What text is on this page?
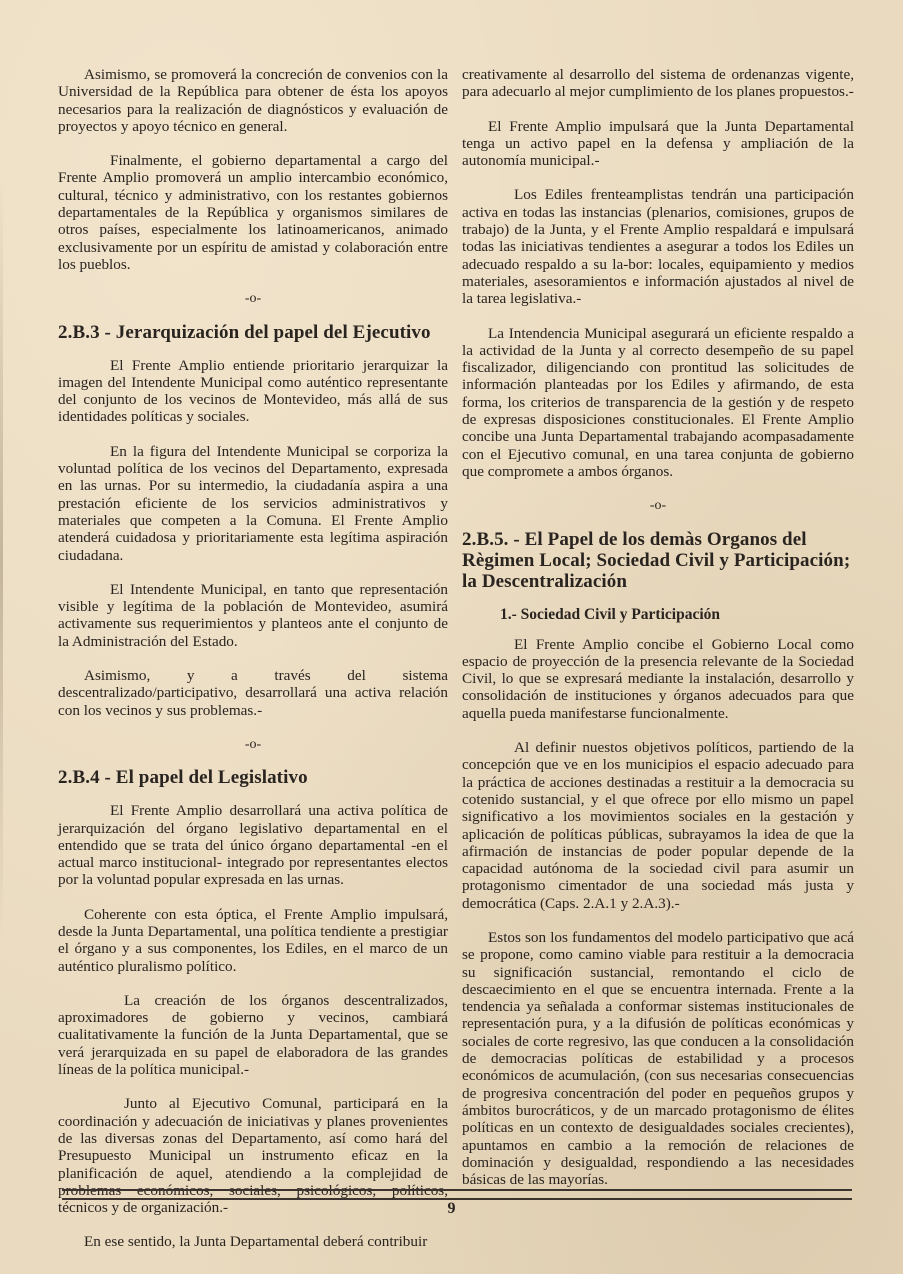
Asimismo, se promoverá la concreción de convenios con la Universidad de la República para obtener de ésta los apoyos necesarios para la realización de diagnósticos y evaluación de proyectos y apoyo técnico en general.

Finalmente, el gobierno departamental a cargo del Frente Amplio promoverá un amplio intercambio económico, cultural, técnico y administrativo, con los restantes gobiernos departamentales de la República y organismos similares de otros países, especialmente los latinoamericanos, animado exclusivamente por un espíritu de amistad y colaboración entre los pueblos.

-o-
2.B.3 - Jerarquización del papel del Ejecutivo

El Frente Amplio entiende prioritario jerarquizar la imagen del Intendente Municipal como auténtico representante del conjunto de los vecinos de Montevideo, más allá de sus identidades políticas y sociales.

En la figura del Intendente Municipal se corporiza la voluntad política de los vecinos del Departamento, expresada en las urnas. Por su intermedio, la ciudadanía aspira a una prestación eficiente de los servicios administrativos y materiales que competen a la Comuna. El Frente Amplio atenderá cuidadosa y prioritariamente esta legítima aspiración ciudadana.

El Intendente Municipal, en tanto que representación visible y legítima de la población de Montevideo, asumirá activamente sus requerimientos y planteos ante el conjunto de la Administración del Estado.

Asimismo, y a través del sistema descentralizado/participativo, desarrollará una activa relación con los vecinos y sus problemas.-

-o-
2.B.4 - El papel del Legislativo

El Frente Amplio desarrollará una activa política de jerarquización del órgano legislativo departamental en el entendido que se trata del único órgano departamental -en el actual marco institucional- integrado por representantes electos por la voluntad popular expresada en las urnas.

Coherente con esta óptica, el Frente Amplio impulsará, desde la Junta Departamental, una política tendiente a prestigiar el órgano y a sus componentes, los Ediles, en el marco de un auténtico pluralismo político.

La creación de los órganos descentralizados, aproximadores de gobierno y vecinos, cambiará cualitativamente la función de la Junta Departamental, que se verá jerarquizada en su papel de elaboradora de las grandes líneas de la política municipal.-

Junto al Ejecutivo Comunal, participará en la coordinación y adecuación de iniciativas y planes provenientes de las diversas zonas del Departamento, así como hará del Presupuesto Municipal un instrumento eficaz en la planificación de aquel, atendiendo a la complejidad de problemas económicos, sociales, psicológicos, políticos, técnicos y de organización.-

En ese sentido, la Junta Departamental deberá contribuir

creativamente al desarrollo del sistema de ordenanzas vigente, para adecuarlo al mejor cumplimiento de los planes propuestos.-

El Frente Amplio impulsará que la Junta Departamental tenga un activo papel en la defensa y ampliación de la autonomía municipal.-

Los Ediles frenteamplistas tendrán una participación activa en todas las instancias (plenarios, comisiones, grupos de trabajo) de la Junta, y el Frente Amplio respaldará e impulsará todas las iniciativas tendientes a asegurar a todos los Ediles un adecuado respaldo a su la-bor: locales, equipamiento y medios materiales, asesoramientos e información ajustados al nivel de la tarea legislativa.-

La Intendencia Municipal asegurará un eficiente respaldo a la actividad de la Junta y al correcto desempeño de su papel fiscalizador, diligenciando con prontitud las solicitudes de información planteadas por los Ediles y afirmando, de esta forma, los criterios de transparencia de la gestión y de respeto de expresas disposiciones constitucionales. El Frente Amplio concibe una Junta Departamental trabajando acompasadamente con el Ejecutivo comunal, en una tarea conjunta de gobierno que compromete a ambos órganos.

-o-
2.B.5. - El Papel de los demàs Organos del Règimen Local; Sociedad Civil y Participación; la Descentralización
1.- Sociedad Civil y Participación

El Frente Amplio concibe el Gobierno Local como espacio de proyección de la presencia relevante de la Sociedad Civil, lo que se expresará mediante la instalación, desarrollo y consolidación de instituciones y órganos adecuados para que aquella pueda manifestarse funcionalmente.

Al definir nuestos objetivos políticos, partiendo de la concepción que ve en los municipios el espacio adecuado para la práctica de acciones destinadas a restituir a la democracia su cotenido sustancial, y el que ofrece por ello mismo un papel significativo a los movimientos sociales en la gestación y aplicación de políticas públicas, subrayamos la idea de que la afirmación de instancias de poder popular depende de la capacidad autónoma de la sociedad civil para asumir un protagonismo cimentador de una sociedad más justa y democrática (Caps. 2.A.1 y 2.A.3).-

Estos son los fundamentos del modelo participativo que acá se propone, como camino viable para restituir a la democracia su significación sustancial, remontando el ciclo de descaecimiento en el que se encuentra internada. Frente a la tendencia ya señalada a conformar sistemas institucionales de representación pura, y a la difusión de políticas económicas y sociales de corte regresivo, las que conducen a la consolidación de democracias políticas de estabilidad y a procesos económicos de acumulación, (con sus necesarias consecuencias de progresiva concentración del poder en pequeños grupos y ámbitos burocráticos, y de un marcado protagonismo de élites políticas en un contexto de desigualdades sociales crecientes), apuntamos en cambio a la remoción de relaciones de dominación y desigualdad, respondiendo a las necesidades básicas de las mayorías.

9
